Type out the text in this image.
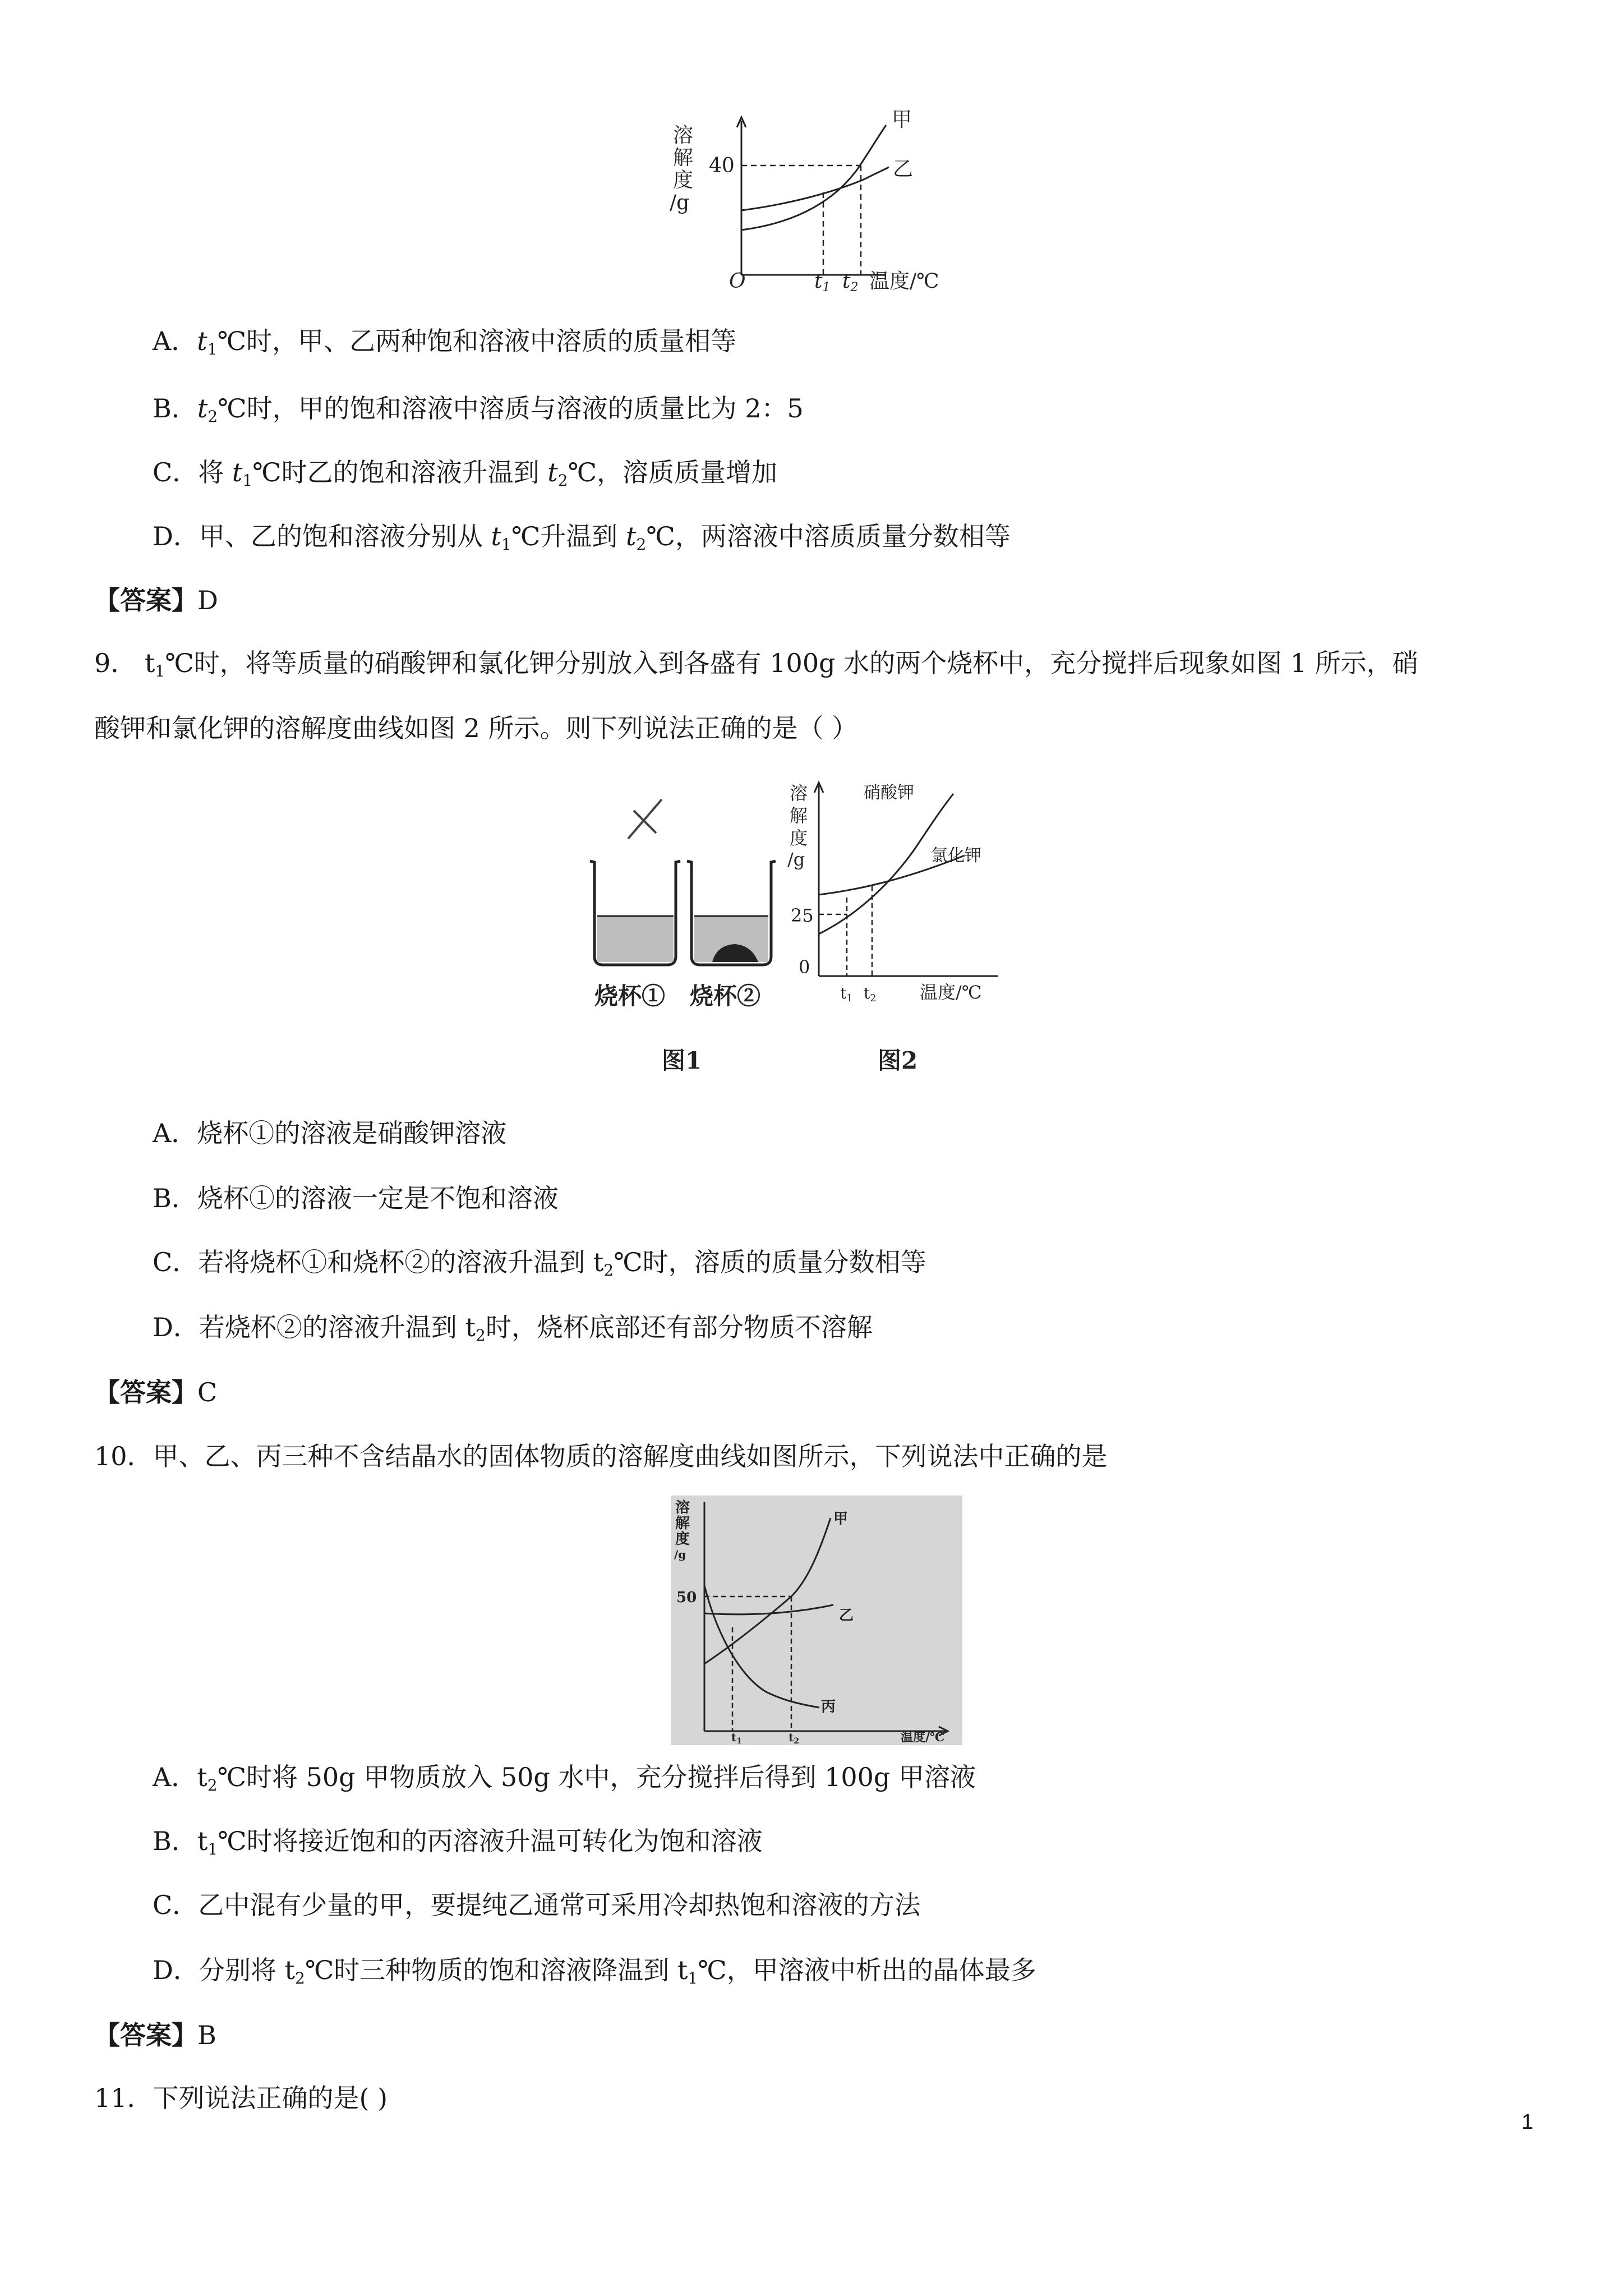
溶
解
度
/g
40
O	t1 t2 温度/℃
甲
乙
A．$t_1℃$时，甲、乙两种饱和溶液中溶质的质量相等
B．$t_2℃$时，甲的饱和溶液中溶质与溶液的质量比为 2：5
C．将 $t_1℃$时乙的饱和溶液升温到 $t_2℃$，溶质质量增加
D．甲、乙的饱和溶液分别从 $t_1℃$升温到 $t_2℃$，两溶液中溶质质量分数相等
【答案】D
9． $t_1℃$时，将等质量的硝酸钾和氯化钾分别放入到各盛有 100g 水的两个烧杯中，充分搅拌后现象如图 1 所示，硝
酸钾和氯化钾的溶解度曲线如图 2 所示。则下列说法正确的是（ ）
烧杯① 烧杯②
图1	图2
溶
解
度
/g
25
0
t1 t2 温度/℃
硝酸钾
氯化钾
A．烧杯①的溶液是硝酸钾溶液
B．烧杯①的溶液一定是不饱和溶液
C．若将烧杯①和烧杯②的溶液升温到 $t_2℃$时，溶质的质量分数相等
D．若烧杯②的溶液升温到 $t_2$时，烧杯底部还有部分物质不溶解
【答案】C
10．甲、乙、丙三种不含结晶水的固体物质的溶解度曲线如图所示，下列说法中正确的是
溶
解
度
/g
50
$t_1$	$t_2$	温度/℃
甲
乙
丙
A．$t_2℃$时将 50g 甲物质放入 50g 水中，充分搅拌后得到 100g 甲溶液
B．$t_1℃$时将接近饱和的丙溶液升温可转化为饱和溶液
C．乙中混有少量的甲，要提纯乙通常可采用冷却热饱和溶液的方法
D．分别将 $t_2℃$时三种物质的饱和溶液降温到 $t_1℃$，甲溶液中析出的晶体最多
【答案】B
11．下列说法正确的是( )
1
